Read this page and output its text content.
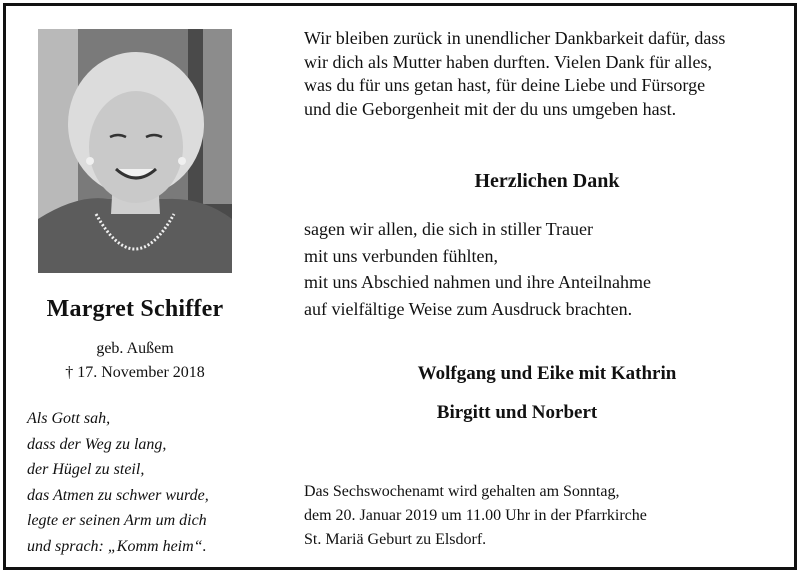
Margret Schiffer
geb. Außem
† 17. November 2018
Als Gott sah,
dass der Weg zu lang,
der Hügel zu steil,
das Atmen zu schwer wurde,
legte er seinen Arm um dich
und sprach: „Komm heim“.
Wir bleiben zurück in unendlicher Dankbarkeit dafür, dass
wir dich als Mutter haben durften. Vielen Dank für alles,
was du für uns getan hast, für deine Liebe und Fürsorge
und die Geborgenheit mit der du uns umgeben hast.
Herzlichen Dank
sagen wir allen, die sich in stiller Trauer
mit uns verbunden fühlten,
mit uns Abschied nahmen und ihre Anteilnahme
auf vielfältige Weise zum Ausdruck brachten.
Wolfgang und Eike mit Kathrin
Birgitt und Norbert
Das Sechswochenamt wird gehalten am Sonntag,
dem 20. Januar 2019 um 11.00 Uhr in der Pfarrkirche
St. Mariä Geburt zu Elsdorf.
